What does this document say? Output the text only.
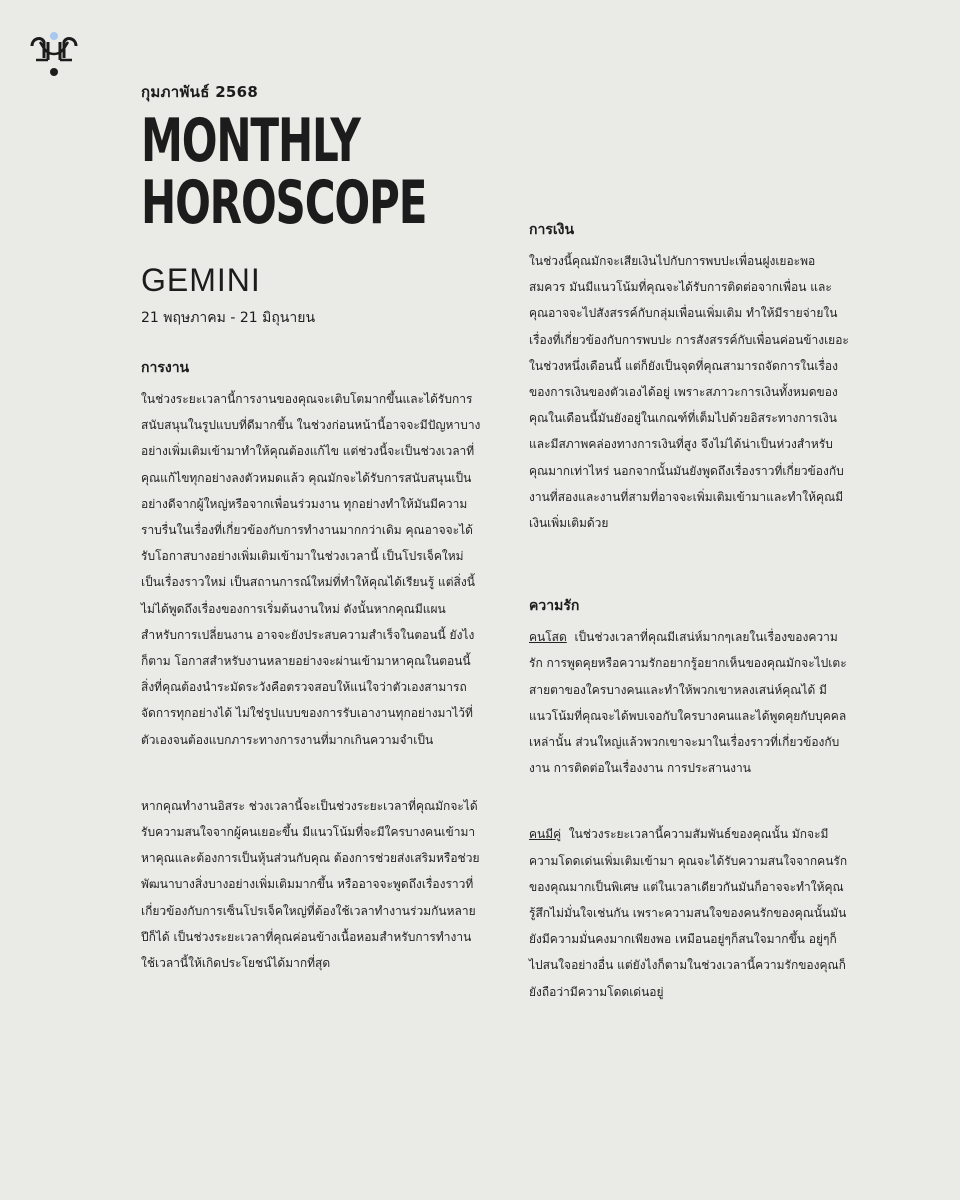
กุมภาพันธ์ 2568

MONTHLY
HOROSCOPE

GEMINI

21 พฤษภาคม - 21 มิถุนายน

การงาน

ในช่วงระยะเวลานี้การงานของคุณจะเติบโตมากขึ้นและได้รับการสนับสนุนในรูปแบบที่ดีมากขึ้น ในช่วงก่อนหน้านี้อาจจะมีปัญหาบางอย่างเพิ่มเติมเข้ามาทำให้คุณต้องแก้ไข แต่ช่วงนี้จะเป็นช่วงเวลาที่คุณแก้ไขทุกอย่างลงตัวหมดแล้ว คุณมักจะได้รับการสนับสนุนเป็นอย่างดีจากผู้ใหญ่หรือจากเพื่อนร่วมงาน ทุกอย่างทำให้มันมีความราบรื่นในเรื่องที่เกี่ยวข้องกับการทำงานมากกว่าเดิม คุณอาจจะได้รับโอกาสบางอย่างเพิ่มเติมเข้ามาในช่วงเวลานี้ เป็นโปรเจ็คใหม่ เป็นเรื่องราวใหม่ เป็นสถานการณ์ใหม่ที่ทำให้คุณได้เรียนรู้ แต่สิ่งนี้ไม่ได้พูดถึงเรื่องของการเริ่มต้นงานใหม่ ดังนั้นหากคุณมีแผนสำหรับการเปลี่ยนงาน อาจจะยังประสบความสำเร็จในตอนนี้ ยังไงก็ตาม โอกาสสำหรับงานหลายอย่างจะผ่านเข้ามาหาคุณในตอนนี้ สิ่งที่คุณต้องนำระมัดระวังคือตรวจสอบให้แน่ใจว่าตัวเองสามารถจัดการทุกอย่างได้ ไม่ใช่รูปแบบของการรับเอางานทุกอย่างมาไว้ที่ตัวเองจนต้องแบกภาระทางการงานที่มากเกินความจำเป็น

หากคุณทำงานอิสระ ช่วงเวลานี้จะเป็นช่วงระยะเวลาที่คุณมักจะได้รับความสนใจจากผู้คนเยอะขึ้น มีแนวโน้มที่จะมีใครบางคนเข้ามาหาคุณและต้องการเป็นหุ้นส่วนกับคุณ ต้องการช่วยส่งเสริมหรือช่วยพัฒนาบางสิ่งบางอย่างเพิ่มเติมมากขึ้น หรืออาจจะพูดถึงเรื่องราวที่เกี่ยวข้องกับการเซ็นโปรเจ็คใหญ่ที่ต้องใช้เวลาทำงานร่วมกันหลายปีก็ได้ เป็นช่วงระยะเวลาที่คุณค่อนข้างเนื้อหอมสำหรับการทำงาน ใช้เวลานี้ให้เกิดประโยชน์ได้มากที่สุด

การเงิน

ในช่วงนี้คุณมักจะเสียเงินไปกับการพบปะเพื่อนฝูงเยอะพอสมควร มันมีแนวโน้มที่คุณจะได้รับการติดต่อจากเพื่อน และคุณอาจจะไปสังสรรค์กับกลุ่มเพื่อนเพิ่มเติม ทำให้มีรายจ่ายในเรื่องที่เกี่ยวข้องกับการพบปะ การสังสรรค์กับเพื่อนค่อนข้างเยอะในช่วงหนึ่งเดือนนี้ แต่ก็ยังเป็นจุดที่คุณสามารถจัดการในเรื่องของการเงินของตัวเองได้อยู่ เพราะสภาวะการเงินทั้งหมดของคุณในเดือนนี้มันยังอยู่ในเกณฑ์ที่เต็มไปด้วยอิสระทางการเงินและมีสภาพคล่องทางการเงินที่สูง จึงไม่ได้น่าเป็นห่วงสำหรับคุณมากเท่าไหร่ นอกจากนั้นมันยังพูดถึงเรื่องราวที่เกี่ยวข้องกับงานที่สองและงานที่สามที่อาจจะเพิ่มเติมเข้ามาและทำให้คุณมีเงินเพิ่มเติมด้วย

ความรัก

คนโสด เป็นช่วงเวลาที่คุณมีเสน่ห์มากๆเลยในเรื่องของความรัก การพูดคุยหรือความรักอยากรู้อยากเห็นของคุณมักจะไปเตะสายตาของใครบางคนและทำให้พวกเขาหลงเสน่ห์คุณได้ มีแนวโน้มที่คุณจะได้พบเจอกับใครบางคนและได้พูดคุยกับบุคคลเหล่านั้น ส่วนใหญ่แล้วพวกเขาจะมาในเรื่องราวที่เกี่ยวข้องกับงาน การติดต่อในเรื่องงาน การประสานงาน

คนมีคู่ ในช่วงระยะเวลานี้ความสัมพันธ์ของคุณนั้น มักจะมีความโดดเด่นเพิ่มเติมเข้ามา คุณจะได้รับความสนใจจากคนรักของคุณมากเป็นพิเศษ แต่ในเวลาเดียวกันมันก็อาจจะทำให้คุณรู้สึกไม่มั่นใจเช่นกัน เพราะความสนใจของคนรักของคุณนั้นมันยังมีความมั่นคงมากเพียงพอ เหมือนอยู่ๆก็สนใจมากขึ้น อยู่ๆก็ไปสนใจอย่างอื่น แต่ยังไงก็ตามในช่วงเวลานี้ความรักของคุณก็ยังถือว่ามีความโดดเด่นอยู่
